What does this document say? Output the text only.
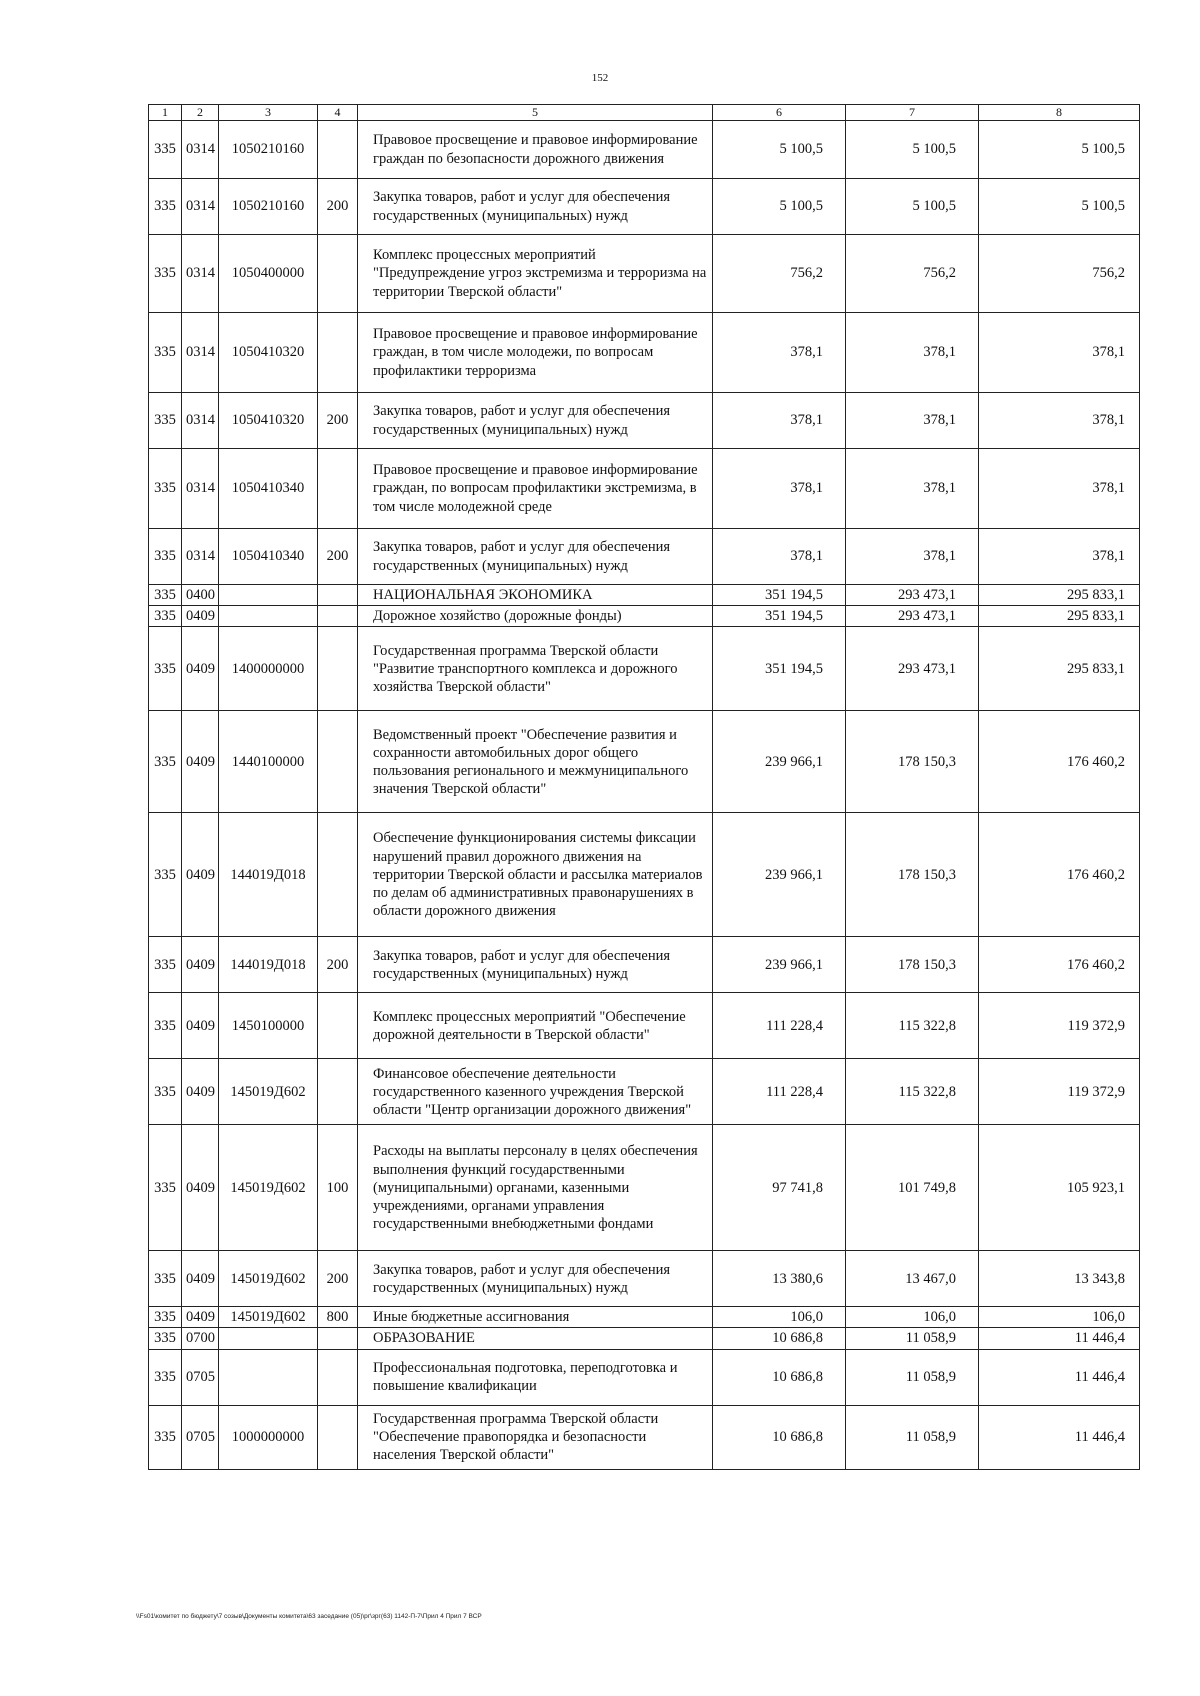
152
1	2	3	4	5	6	7	8
335	0314	1050210160		Правовое просвещение и правовое информирование граждан по безопасности дорожного движения	5 100,5	5 100,5	5 100,5
335	0314	1050210160	200	Закупка товаров, работ и услуг для обеспечения государственных (муниципальных) нужд	5 100,5	5 100,5	5 100,5
335	0314	1050400000		Комплекс процессных мероприятий "Предупреждение угроз экстремизма и терроризма на территории Тверской области"	756,2	756,2	756,2
335	0314	1050410320		Правовое просвещение и правовое информирование граждан, в том числе молодежи, по вопросам профилактики терроризма	378,1	378,1	378,1
335	0314	1050410320	200	Закупка товаров, работ и услуг для обеспечения государственных (муниципальных) нужд	378,1	378,1	378,1
335	0314	1050410340		Правовое просвещение и правовое информирование граждан, по вопросам профилактики экстремизма, в том числе молодежной среде	378,1	378,1	378,1
335	0314	1050410340	200	Закупка товаров, работ и услуг для обеспечения государственных (муниципальных) нужд	378,1	378,1	378,1
335	0400			НАЦИОНАЛЬНАЯ ЭКОНОМИКА	351 194,5	293 473,1	295 833,1
335	0409			Дорожное хозяйство (дорожные фонды)	351 194,5	293 473,1	295 833,1
335	0409	1400000000		Государственная программа Тверской области "Развитие транспортного комплекса и дорожного хозяйства Тверской области"	351 194,5	293 473,1	295 833,1
335	0409	1440100000		Ведомственный проект "Обеспечение развития и сохранности автомобильных дорог общего пользования регионального и межмуниципального значения Тверской области"	239 966,1	178 150,3	176 460,2
335	0409	144019Д018		Обеспечение функционирования системы фиксации нарушений правил дорожного движения на территории Тверской области и рассылка материалов по делам об административных правонарушениях в области дорожного движения	239 966,1	178 150,3	176 460,2
335	0409	144019Д018	200	Закупка товаров, работ и услуг для обеспечения государственных (муниципальных) нужд	239 966,1	178 150,3	176 460,2
335	0409	1450100000		Комплекс процессных мероприятий "Обеспечение дорожной деятельности в Тверской области"	111 228,4	115 322,8	119 372,9
335	0409	145019Д602		Финансовое обеспечение деятельности государственного казенного учреждения Тверской области "Центр организации дорожного движения"	111 228,4	115 322,8	119 372,9
335	0409	145019Д602	100	Расходы на выплаты персоналу в целях обеспечения выполнения функций государственными (муниципальными) органами, казенными учреждениями, органами управления государственными внебюджетными фондами	97 741,8	101 749,8	105 923,1
335	0409	145019Д602	200	Закупка товаров, работ и услуг для обеспечения государственных (муниципальных) нужд	13 380,6	13 467,0	13 343,8
335	0409	145019Д602	800	Иные бюджетные ассигнования	106,0	106,0	106,0
335	0700			ОБРАЗОВАНИЕ	10 686,8	11 058,9	11 446,4
335	0705			Профессиональная подготовка, переподготовка и повышение квалификации	10 686,8	11 058,9	11 446,4
335	0705	1000000000		Государственная программа Тверской области "Обеспечение правопорядка и безопасности населения Тверской области"	10 686,8	11 058,9	11 446,4
\\Fs01\комитет по бюджету\7 созыв\Документы комитета\63 заседание (05)\рг\зрг(63) 1142-П-7\Прил 4 Прил 7 ВСР
